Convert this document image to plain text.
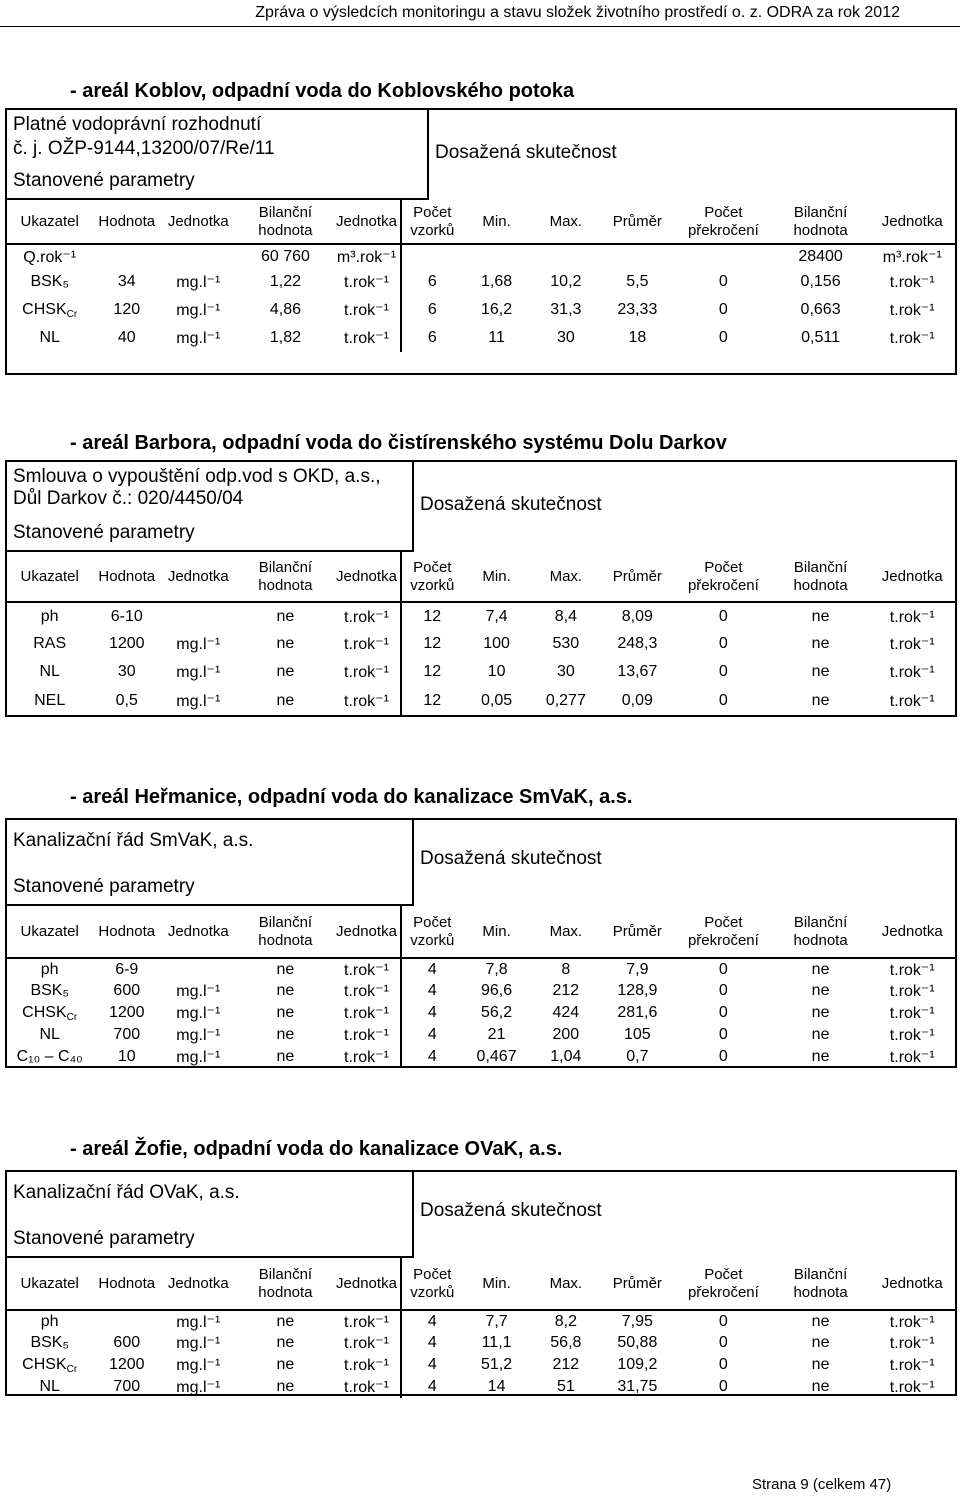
Zpráva o výsledcích monitoringu a stavu složek životního prostředí o. z. ODRA za rok 2012
- areál Koblov, odpadní voda do Koblovského potoka
Platné vodoprávní rozhodnutí
č. j. OŽP-9144,13200/07/Re/11
Stanovené parametry
Dosažená skutečnost
Ukazatel	Hodnota	Jednotka	Bilanční hodnota	Jednotka	Počet vzorků	Min.	Max.	Průměr	Počet překročení	Bilanční hodnota	Jednotka
Q.rok⁻¹			60 760	m³.rok⁻¹						28400	m³.rok⁻¹
BSK₅	34	mg.l⁻¹	1,22	t.rok⁻¹	6	1,68	10,2	5,5	0	0,156	t.rok⁻¹
$CHSK_{Cr}$	120	mg.l⁻¹	4,86	t.rok⁻¹	6	16,2	31,3	23,33	0	0,663	t.rok⁻¹
NL	40	mg.l⁻¹	1,82	t.rok⁻¹	6	11	30	18	0	0,511	t.rok⁻¹
- areál Barbora, odpadní voda do čistírenského systému Dolu Darkov
Smlouva o vypouštění odp.vod s OKD, a.s.,
Důl Darkov č.: 020/4450/04
Stanovené parametry
Dosažená skutečnost
Ukazatel	Hodnota	Jednotka	Bilanční hodnota	Jednotka	Počet vzorků	Min.	Max.	Průměr	Počet překročení	Bilanční hodnota	Jednotka
ph	6-10		ne	t.rok⁻¹	12	7,4	8,4	8,09	0	ne	t.rok⁻¹
RAS	1200	mg.l⁻¹	ne	t.rok⁻¹	12	100	530	248,3	0	ne	t.rok⁻¹
NL	30	mg.l⁻¹	ne	t.rok⁻¹	12	10	30	13,67	0	ne	t.rok⁻¹
NEL	0,5	mg.l⁻¹	ne	t.rok⁻¹	12	0,05	0,277	0,09	0	ne	t.rok⁻¹
- areál Heřmanice, odpadní voda do kanalizace SmVaK, a.s.
Kanalizační řád SmVaK, a.s.
Stanovené parametry
Dosažená skutečnost
Ukazatel	Hodnota	Jednotka	Bilanční hodnota	Jednotka	Počet vzorků	Min.	Max.	Průměr	Počet překročení	Bilanční hodnota	Jednotka
ph	6-9		ne	t.rok⁻¹	4	7,8	8	7,9	0	ne	t.rok⁻¹
BSK₅	600	mg.l⁻¹	ne	t.rok⁻¹	4	96,6	212	128,9	0	ne	t.rok⁻¹
$CHSK_{Cr}$	1200	mg.l⁻¹	ne	t.rok⁻¹	4	56,2	424	281,6	0	ne	t.rok⁻¹
NL	700	mg.l⁻¹	ne	t.rok⁻¹	4	21	200	105	0	ne	t.rok⁻¹
C₁₀ – C₄₀	10	mg.l⁻¹	ne	t.rok⁻¹	4	0,467	1,04	0,7	0	ne	t.rok⁻¹
- areál Žofie, odpadní voda do kanalizace OVaK, a.s.
Kanalizační řád OVaK, a.s.
Stanovené parametry
Dosažená skutečnost
Ukazatel	Hodnota	Jednotka	Bilanční hodnota	Jednotka	Počet vzorků	Min.	Max.	Průměr	Počet překročení	Bilanční hodnota	Jednotka
ph		mg.l⁻¹	ne	t.rok⁻¹	4	7,7	8,2	7,95	0	ne	t.rok⁻¹
BSK₅	600	mg.l⁻¹	ne	t.rok⁻¹	4	11,1	56,8	50,88	0	ne	t.rok⁻¹
$CHSK_{Cr}$	1200	mg.l⁻¹	ne	t.rok⁻¹	4	51,2	212	109,2	0	ne	t.rok⁻¹
NL	700	mg.l⁻¹	ne	t.rok⁻¹	4	14	51	31,75	0	ne	t.rok⁻¹
Strana 9 (celkem 47)
